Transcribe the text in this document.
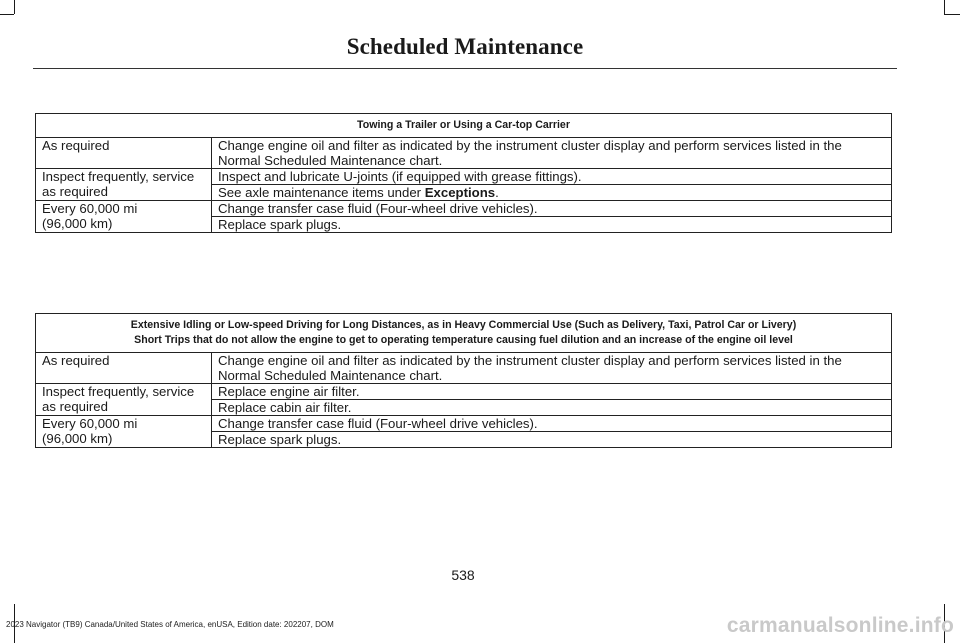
Scheduled Maintenance
Towing a Trailer or Using a Car-top Carrier	
As required	Change engine oil and filter as indicated by the instrument cluster display and perform services listed in the Normal Scheduled Maintenance chart.
Inspect frequently, service as required	Inspect and lubricate U-joints (if equipped with grease fittings).
	See axle maintenance items under Exceptions.

Every 60,000 mi
(96,000 km)	Change transfer case fluid (Four-wheel drive vehicles).
	Replace spark plugs.
Extensive Idling or Low-speed Driving for Long Distances, as in Heavy Commercial Use (Such as Delivery, Taxi, Patrol Car or Livery)
Short Trips that do not allow the engine to get to operating temperature causing fuel dilution and an increase of the engine oil level	

As required	Change engine oil and filter as indicated by the instrument cluster display and perform services listed in the Normal Scheduled Maintenance chart.
Inspect frequently, service as required	Replace engine air filter.
	Replace cabin air filter.

Every 60,000 mi
(96,000 km)	Change transfer case fluid (Four-wheel drive vehicles).
	Replace spark plugs.
538
2023 Navigator (TB9) Canada/United States of America, enUSA, Edition date: 202207, DOM	carmanualsonline.info
